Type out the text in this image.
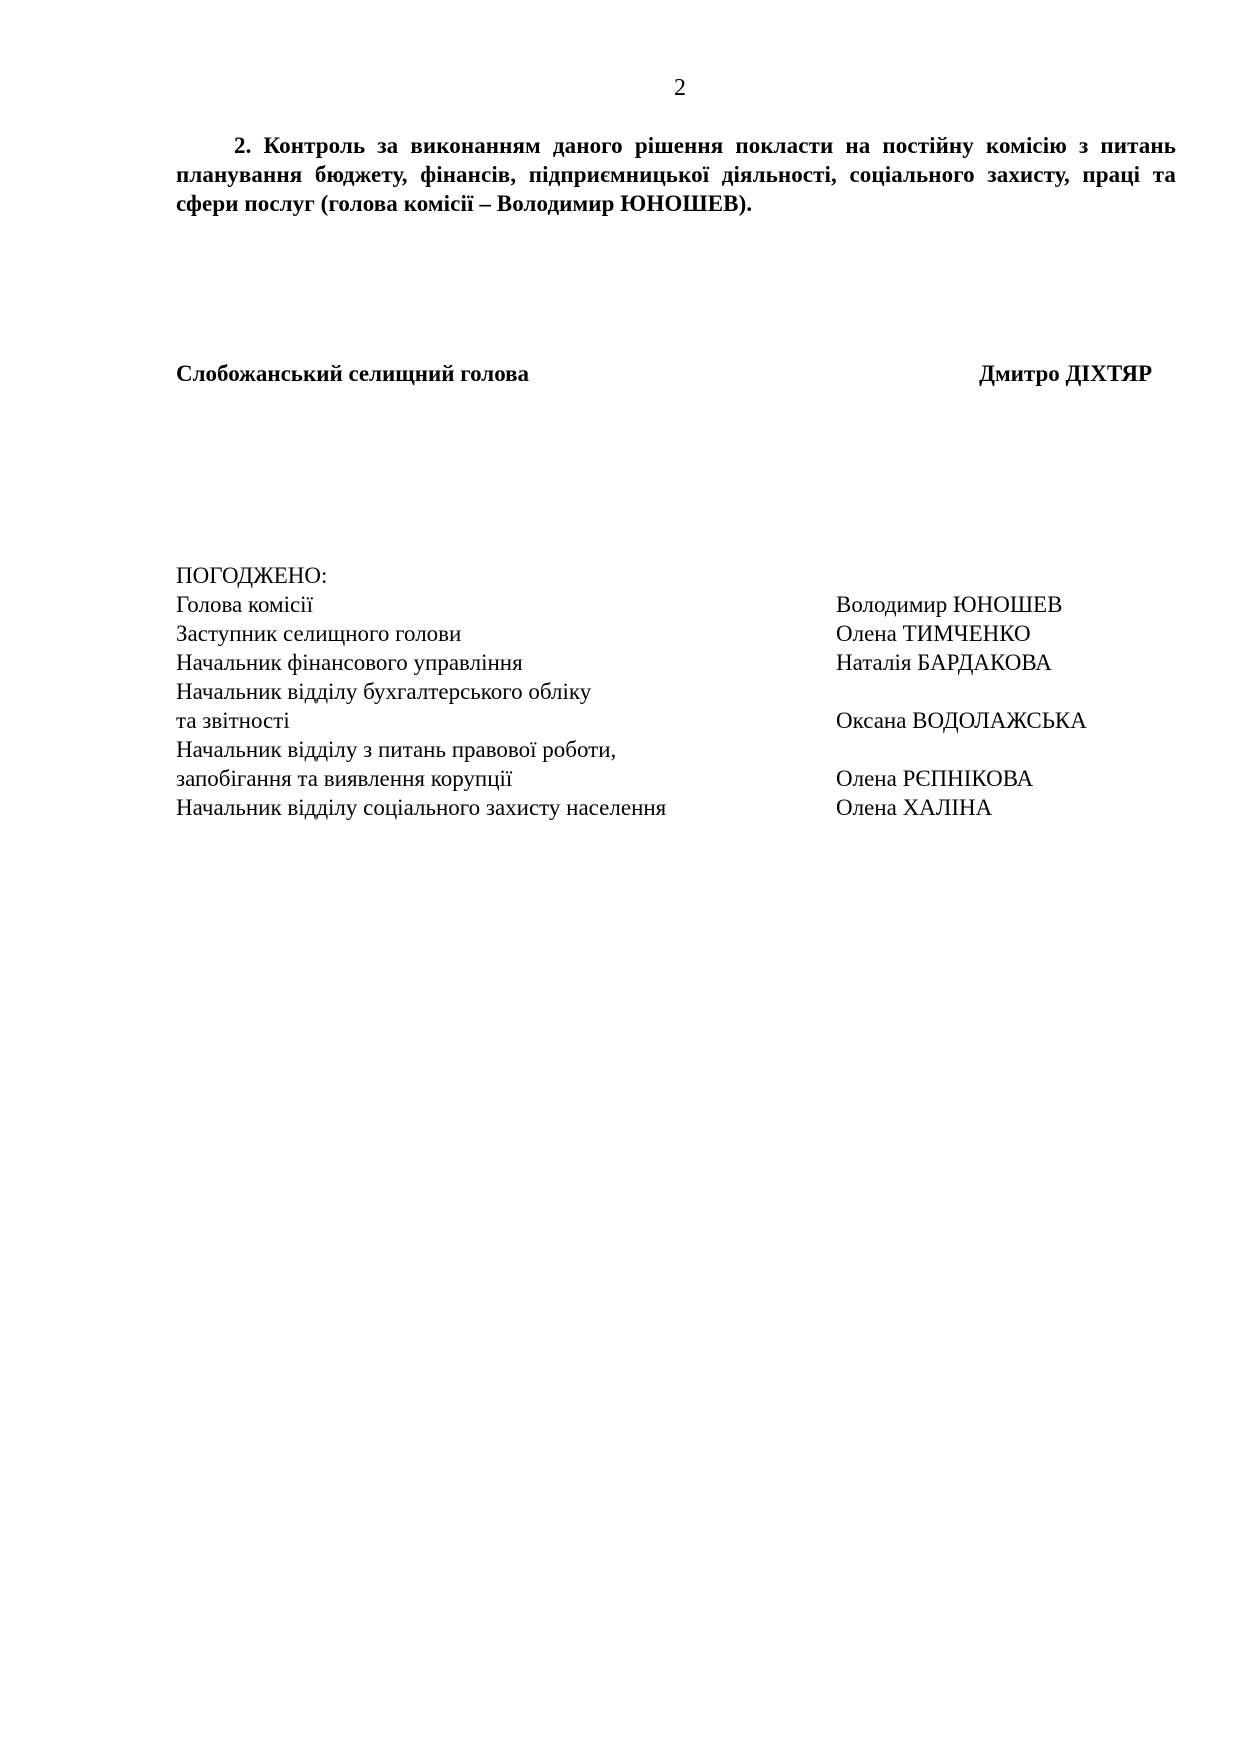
2
2. Контроль за виконанням даного рішення покласти на постійну комісію з питань планування бюджету, фінансів, підприємницької діяльності, соціального захисту, праці та сфери послуг (голова комісії – Володимир ЮНОШЕВ).
Слобожанський селищний голова	Дмитро ДІХТЯР
ПОГОДЖЕНО:
Голова комісії	Володимир ЮНОШЕВ
Заступник селищного голови	Олена ТИМЧЕНКО
Начальник фінансового управління	Наталія БАРДАКОВА
Начальник відділу бухгалтерського обліку
та звітності	Оксана ВОДОЛАЖСЬКА
Начальник відділу з питань правової роботи,
запобігання та виявлення корупції	Олена РЄПНІКОВА
Начальник відділу соціального захисту населення	Олена ХАЛІНА
